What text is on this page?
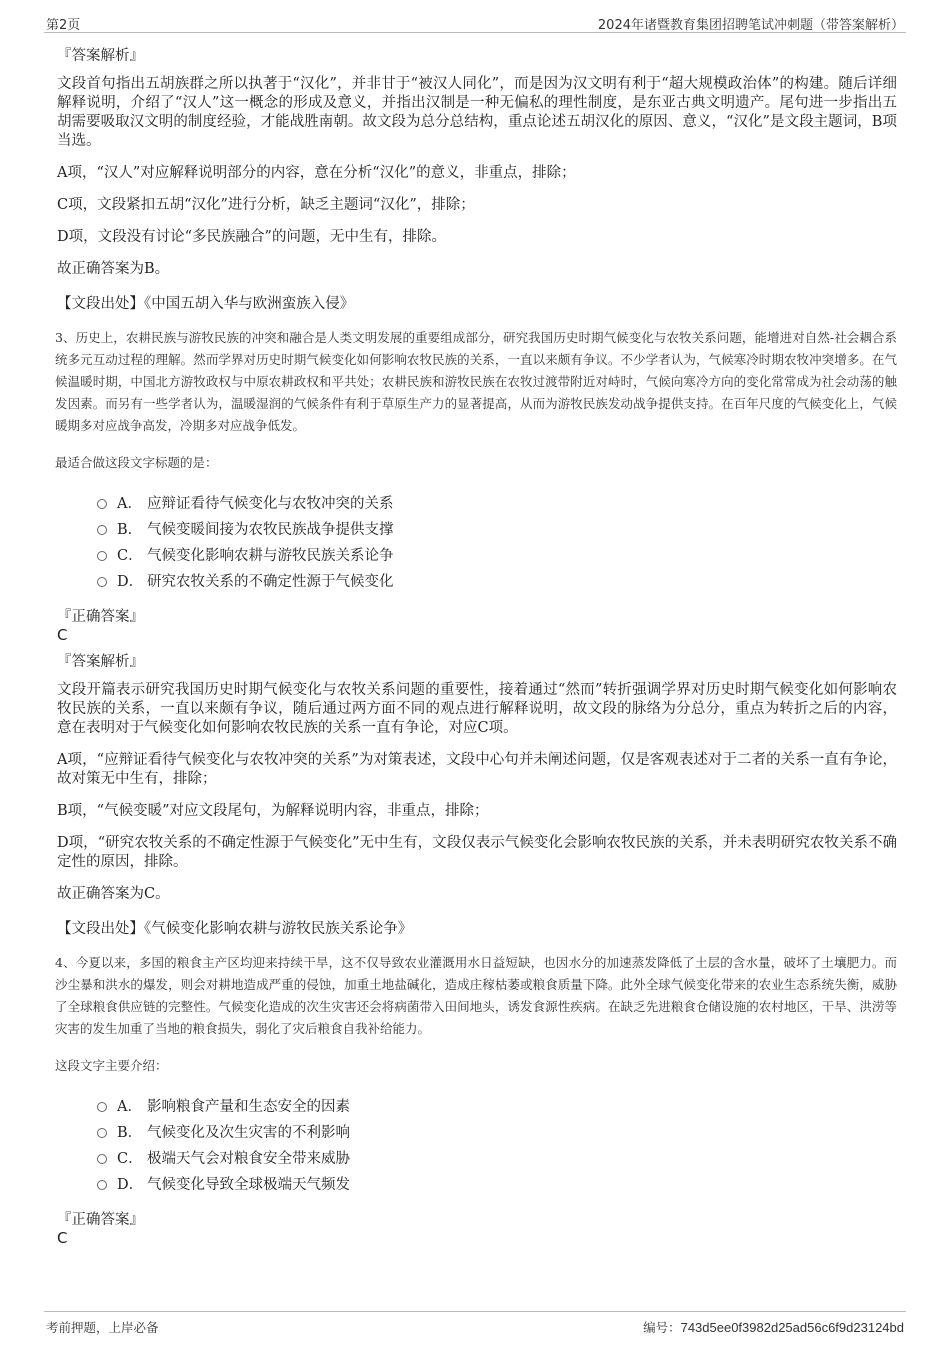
第2页	2024年诸暨教育集团招聘笔试冲刺题（带答案解析）
『答案解析』

文段首句指出五胡族群之所以执著于“汉化”，并非甘于“被汉人同化”，而是因为汉文明有利于“超大规模政治体”的构建。随后详细解释说明，介绍了“汉人”这一概念的形成及意义，并指出汉制是一种无偏私的理性制度，是东亚古典文明遗产。尾句进一步指出五胡需要吸取汉文明的制度经验，才能战胜南朝。故文段为总分总结构，重点论述五胡汉化的原因、意义，“汉化”是文段主题词，B项当选。

A项，“汉人”对应解释说明部分的内容，意在分析“汉化”的意义，非重点，排除；

C项，文段紧扣五胡“汉化”进行分析，缺乏主题词“汉化”，排除；

D项，文段没有讨论“多民族融合”的问题，无中生有，排除。

故正确答案为B。

【文段出处】《中国五胡入华与欧洲蛮族入侵》

3、历史上，农耕民族与游牧民族的冲突和融合是人类文明发展的重要组成部分，研究我国历史时期气候变化与农牧关系问题，能增进对自然-社会耦合系统多元互动过程的理解。然而学界对历史时期气候变化如何影响农牧民族的关系，一直以来颇有争议。不少学者认为，气候寒冷时期农牧冲突增多。在气候温暖时期，中国北方游牧政权与中原农耕政权和平共处；农耕民族和游牧民族在农牧过渡带附近对峙时，气候向寒冷方向的变化常常成为社会动荡的触发因素。而另有一些学者认为，温暖湿润的气候条件有利于草原生产力的显著提高，从而为游牧民族发动战争提供支持。在百年尺度的气候变化上，气候暖期多对应战争高发，冷期多对应战争低发。

最适合做这段文字标题的是：
A． 应辩证看待气候变化与农牧冲突的关系
B． 气候变暖间接为农牧民族战争提供支撑
C． 气候变化影响农耕与游牧民族关系论争
D． 研究农牧关系的不确定性源于气候变化
『正确答案』
C
『答案解析』

文段开篇表示研究我国历史时期气候变化与农牧关系问题的重要性，接着通过“然而”转折强调学界对历史时期气候变化如何影响农牧民族的关系，一直以来颇有争议，随后通过两方面不同的观点进行解释说明，故文段的脉络为分总分，重点为转折之后的内容，意在表明对于气候变化如何影响农牧民族的关系一直有争论，对应C项。

A项，“应辩证看待气候变化与农牧冲突的关系”为对策表述，文段中心句并未阐述问题，仅是客观表述对于二者的关系一直有争论，故对策无中生有，排除；

B项，“气候变暖”对应文段尾句，为解释说明内容，非重点，排除；

D项，“研究农牧关系的不确定性源于气候变化”无中生有，文段仅表示气候变化会影响农牧民族的关系，并未表明研究农牧关系不确定性的原因，排除。

故正确答案为C。

【文段出处】《气候变化影响农耕与游牧民族关系论争》

4、今夏以来，多国的粮食主产区均迎来持续干旱，这不仅导致农业灌溉用水日益短缺，也因水分的加速蒸发降低了土层的含水量，破坏了土壤肥力。而沙尘暴和洪水的爆发，则会对耕地造成严重的侵蚀，加重土地盐碱化，造成庄稼枯萎或粮食质量下降。此外全球气候变化带来的农业生态系统失衡，威胁了全球粮食供应链的完整性。气候变化造成的次生灾害还会将病菌带入田间地头，诱发食源性疾病。在缺乏先进粮食仓储设施的农村地区，干旱、洪涝等灾害的发生加重了当地的粮食损失，弱化了灾后粮食自我补给能力。

这段文字主要介绍：
A． 影响粮食产量和生态安全的因素
B． 气候变化及次生灾害的不利影响
C． 极端天气会对粮食安全带来威胁
D． 气候变化导致全球极端天气频发
『正确答案』
C
考前押题，上岸必备	编号：743d5ee0f3982d25ad56c6f9d23124bd
